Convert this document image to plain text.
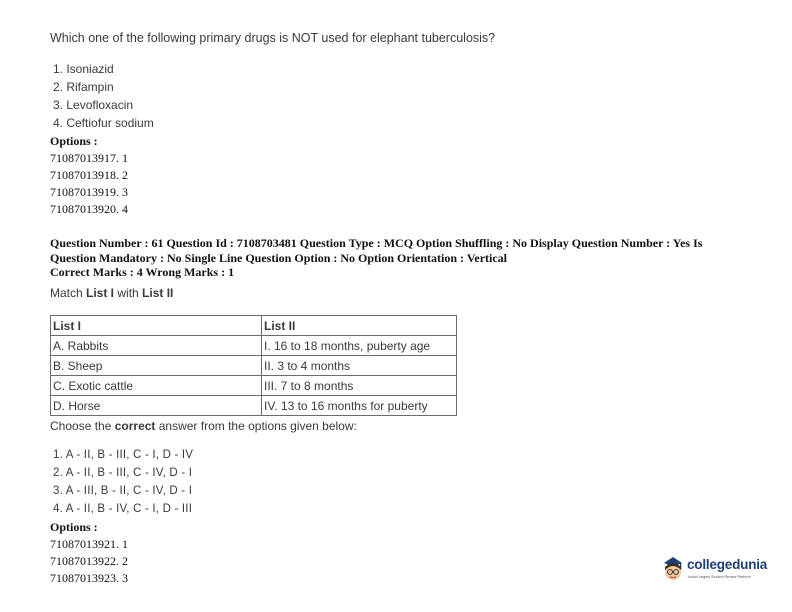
Which one of the following primary drugs is NOT used for elephant tuberculosis?
1. Isoniazid
2. Rifampin
3. Levofloxacin
4. Ceftiofur sodium
Options :
71087013917. 1
71087013918. 2
71087013919. 3
71087013920. 4
Question Number : 61 Question Id : 7108703481 Question Type : MCQ Option Shuffling : No Display Question Number : Yes Is
Question Mandatory : No Single Line Question Option : No Option Orientation : Vertical
Correct Marks : 4 Wrong Marks : 1
Match List I with List II
List I	List II
A. Rabbits	I. 16 to 18 months, puberty age
B. Sheep	II. 3 to 4 months
C. Exotic cattle	III. 7 to 8 months
D. Horse	IV. 13 to 16 months for puberty
Choose the correct answer from the options given below:
1. A - II, B - III, C - I, D - IV
2. A - II, B - III, C - IV, D - I
3. A - III, B - II, C - IV, D - I
4. A - II, B - IV, C - I, D - III
Options :
71087013921. 1
71087013922. 2
71087013923. 3
collegedunia
India's largest Student Review Platform
